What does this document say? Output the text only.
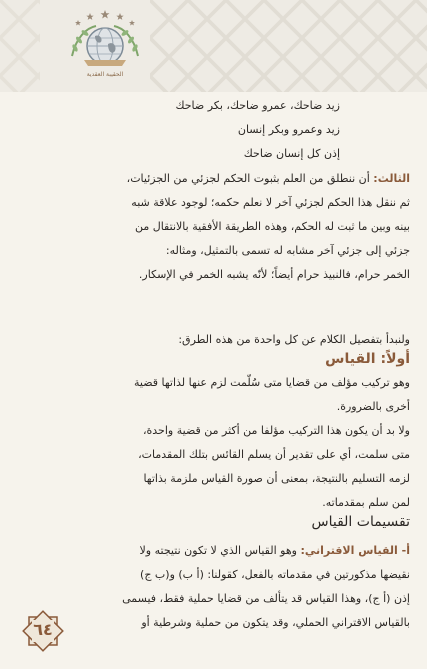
الحقيبة العقدية
زيد ضاحك، عمرو ضاحك، بكر ضاحك
زيد وعمرو وبكر إنسان
إذن كل إنسان ضاحك
الثالث: أن ننطلق من العلم بثبوت الحكم لجزئي من الجزئيات،
ثم ننقل هذا الحكم لجزئي آخر لا نعلم حكمه؛ لوجود علاقة شبه
بينه وبين ما ثبت له الحكم، وهذه الطريقة الأفقية بالانتقال من
جزئي إلى جزئي آخر مشابه له تسمى بالتمثيل، ومثاله:
الخمر حرام، فالنبيذ حرام أيضاً؛ لأنّه يشبه الخمر في الإسكار.
ولنبدأ بتفصيل الكلام عن كل واحدة من هذه الطرق:
أولاً: القياس
وهو تركيب مؤلف من قضايا متى سُلّمت لزم عنها لذاتها قضية
أخرى بالضرورة.
ولا بد أن يكون هذا التركيب مؤلفا من أكثر من قضية واحدة،
متى سلمت، أي على تقدير أن يسلم القائس بتلك المقدمات،
لزمه التسليم بالنتيجة، بمعنى أن صورة القياس ملزمة بذاتها
لمن سلم بمقدماته.
تقسيمات القياس
أ- القياس الاقتراني: وهو القياس الذي لا تكون نتيجته ولا
نقيضها مذكورتين في مقدماته بالفعل، كقولنا: (أ ب) و(ب ج)
إذن (أ ج)، وهذا القياس قد يتألف من قضايا حملية فقط، فيسمى
بالقياس الاقتراني الحملي، وقد يتكون من حملية وشرطية أو
٦٤
